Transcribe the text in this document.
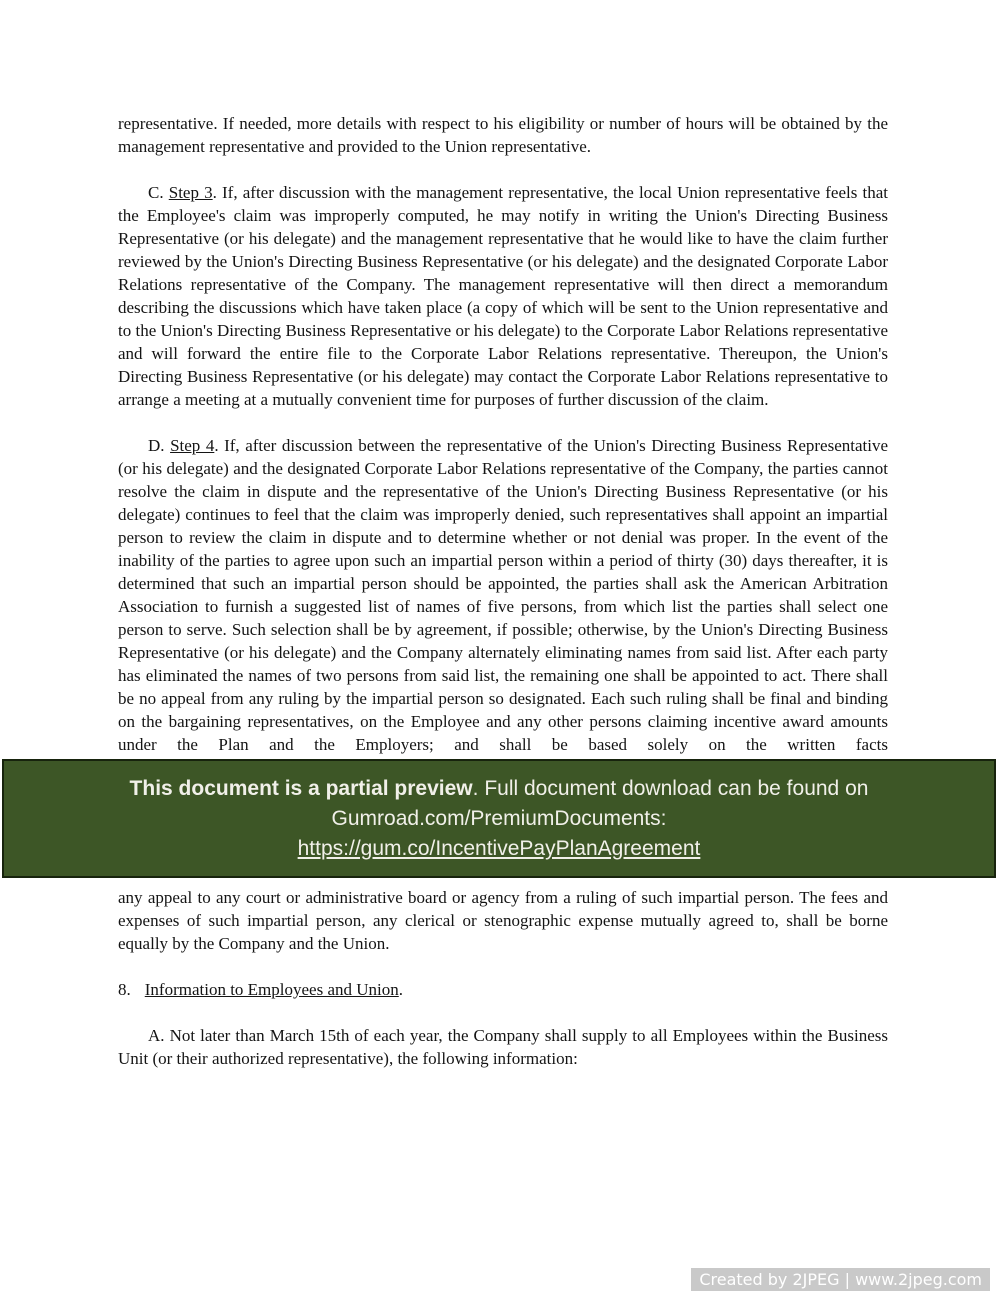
representative. If needed, more details with respect to his eligibility or number of hours will be obtained by the management representative and provided to the Union representative.

C. Step 3. If, after discussion with the management representative, the local Union representative feels that the Employee's claim was improperly computed, he may notify in writing the Union's Directing Business Representative (or his delegate) and the management representative that he would like to have the claim further reviewed by the Union's Directing Business Representative (or his delegate) and the designated Corporate Labor Relations representative of the Company. The management representative will then direct a memorandum describing the discussions which have taken place (a copy of which will be sent to the Union representative and to the Union's Directing Business Representative or his delegate) to the Corporate Labor Relations representative and will forward the entire file to the Corporate Labor Relations representative. Thereupon, the Union's Directing Business Representative (or his delegate) may contact the Corporate Labor Relations representative to arrange a meeting at a mutually convenient time for purposes of further discussion of the claim.

D. Step 4. If, after discussion between the representative of the Union's Directing Business Representative (or his delegate) and the designated Corporate Labor Relations representative of the Company, the parties cannot resolve the claim in dispute and the representative of the Union's Directing Business Representative (or his delegate) continues to feel that the claim was improperly denied, such representatives shall appoint an impartial person to review the claim in dispute and to determine whether or not denial was proper. In the event of the inability of the parties to agree upon such an impartial person within a period of thirty (30) days thereafter, it is determined that such an impartial person should be appointed, the parties shall ask the American Arbitration Association to furnish a suggested list of names of five persons, from which list the parties shall select one person to serve. Such selection shall be by agreement, if possible; otherwise, by the Union's Directing Business Representative (or his delegate) and the Company alternately eliminating names from said list. After each party has eliminated the names of two persons from said list, the remaining one shall be appointed to act. There shall be no appeal from any ruling by the impartial person so designated. Each such ruling shall be final and binding on the bargaining representatives, on the Employee and any other persons claiming incentive award amounts under the Plan and the Employers; and shall be based solely on the written facts

This document is a partial preview. Full document download can be found on
Gumroad.com/PremiumDocuments:
https://gum.co/IncentivePayPlanAgreement

any appeal to any court or administrative board or agency from a ruling of such impartial person. The fees and expenses of such impartial person, any clerical or stenographic expense mutually agreed to, shall be borne equally by the Company and the Union.

8. Information to Employees and Union.

A. Not later than March 15th of each year, the Company shall supply to all Employees within the Business Unit (or their authorized representative), the following information:

Created by 2JPEG | www.2jpeg.com
